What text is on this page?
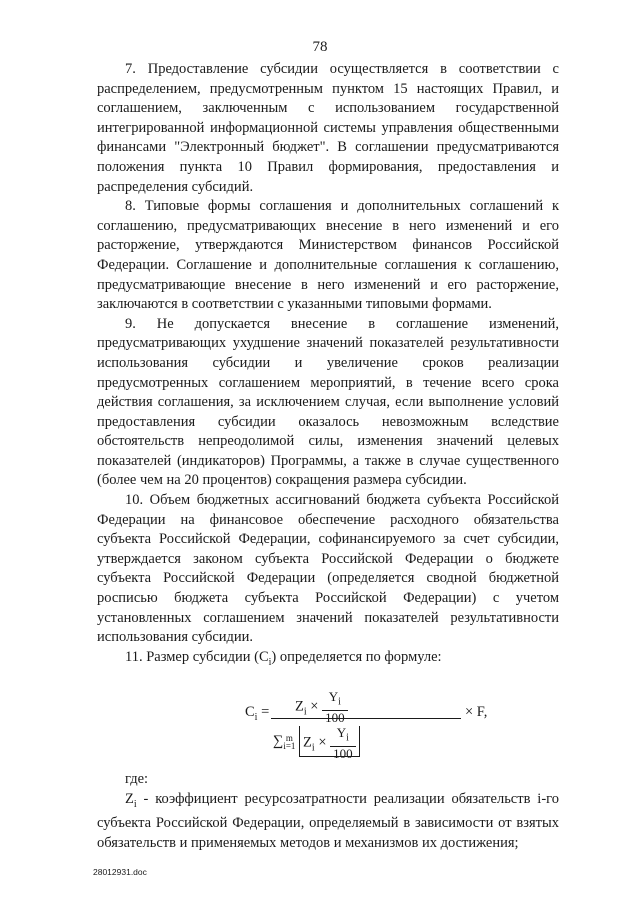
78

7. Предоставление субсидии осуществляется в соответствии с распределением, предусмотренным пунктом 15 настоящих Правил, и соглашением, заключенным с использованием государственной интегрированной информационной системы управления общественными финансами "Электронный бюджет". В соглашении предусматриваются положения пункта 10 Правил формирования, предоставления и распределения субсидий.

8. Типовые формы соглашения и дополнительных соглашений к соглашению, предусматривающих внесение в него изменений и его расторжение, утверждаются Министерством финансов Российской Федерации. Соглашение и дополнительные соглашения к соглашению, предусматривающие внесение в него изменений и его расторжение, заключаются в соответствии с указанными типовыми формами.

9. Не допускается внесение в соглашение изменений, предусматривающих ухудшение значений показателей результативности использования субсидии и увеличение сроков реализации предусмотренных соглашением мероприятий, в течение всего срока действия соглашения, за исключением случая, если выполнение условий предоставления субсидии оказалось невозможным вследствие обстоятельств непреодолимой силы, изменения значений целевых показателей (индикаторов) Программы, а также в случае существенного (более чем на 20 процентов) сокращения размера субсидии.

10. Объем бюджетных ассигнований бюджета субъекта Российской Федерации на финансовое обеспечение расходного обязательства субъекта Российской Федерации, софинансируемого за счет субсидии, утверждается законом субъекта Российской Федерации о бюджете субъекта Российской Федерации (определяется сводной бюджетной росписью бюджета субъекта Российской Федерации) с учетом установленных соглашением значений показателей результативности использования субсидии.

11. Размер субсидии $(C_i)$ определяется по формуле:

$C_i = Z_i \times \frac{Y_i}{100}$
∑ m
i=1 $Z_i \times \frac{Y_i}{100}$
× F,

где:

$Z_i$ - коэффициент ресурсозатратности реализации обязательств i-го субъекта Российской Федерации, определяемый в зависимости от взятых обязательств и применяемых методов и механизмов их достижения;

28012931.doc
